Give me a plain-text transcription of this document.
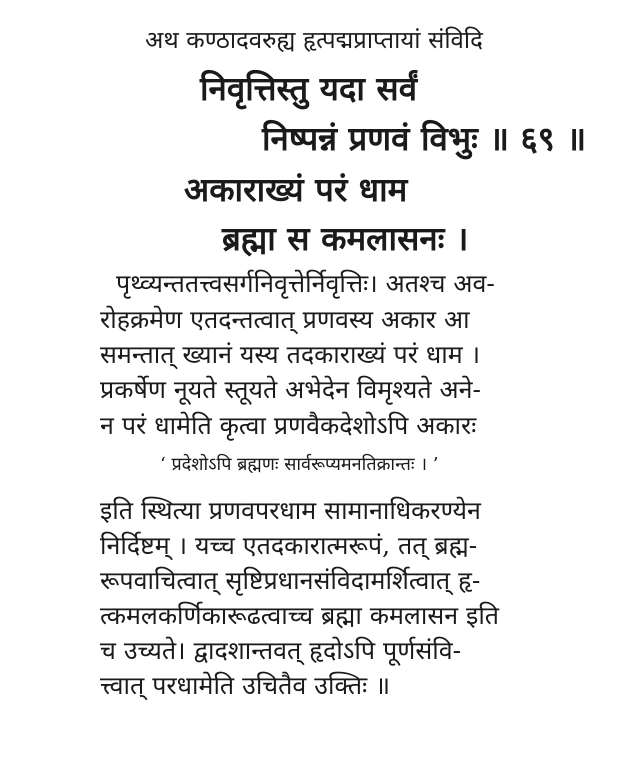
अथ कण्ठादवरुह्य हृत्पद्मप्राप्तायां संविदि
निवृत्तिस्तु यदा सर्वं
निष्पन्नं प्रणवं विभुः ॥ ६९ ॥
अकाराख्यं परं धाम
ब्रह्मा स कमलासनः ।
पृथ्व्यन्ततत्त्वसर्गनिवृत्तेर्निवृत्तिः। अतश्च अव-
रोहक्रमेण एतदन्तत्वात् प्रणवस्य अकार आ
समन्तात् ख्यानं यस्य तदकाराख्यं परं धाम ।
प्रकर्षेण नूयते स्तूयते अभेदेन विमृश्यते अने-
न परं धामेति कृत्वा प्रणवैकदेशोऽपि अकारः
‘ प्रदेशोऽपि ब्रह्मणः सार्वरूप्यमनतिक्रान्तः । ’
इति स्थित्या प्रणवपरधाम सामानाधिकरण्येन
निर्दिष्टम् । यच्च एतदकारात्मरूपं, तत् ब्रह्म-
रूपवाचित्वात् सृष्टिप्रधानसंविदामर्शित्वात् हृ-
त्कमलकर्णिकारूढत्वाच्च ब्रह्मा कमलासन इति
च उच्यते। द्वादशान्तवत् हृदोऽपि पूर्णसंवि-
त्त्वात् परधामेति उचितैव उक्तिः ॥
